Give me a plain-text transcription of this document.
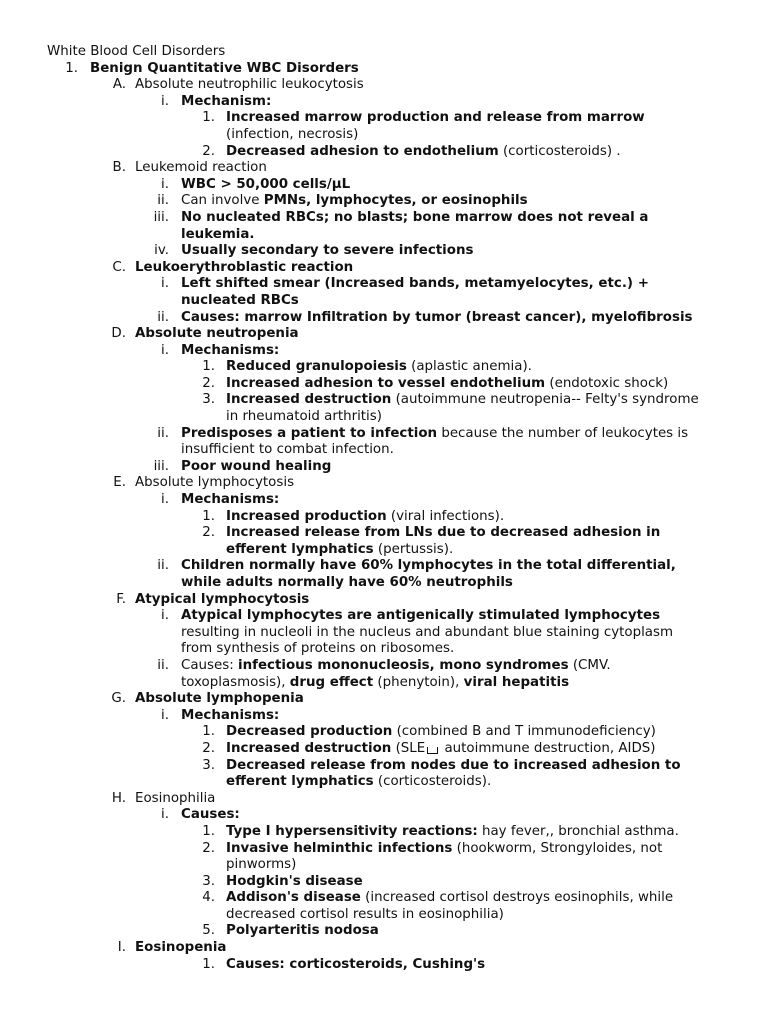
White Blood Cell Disorders
1. Benign Quantitative WBC Disorders
A. Absolute neutrophilic leukocytosis
i. Mechanism:
1. Increased marrow production and release from marrow
(infection, necrosis)
2. Decreased adhesion to endothelium (corticosteroids) .
B. Leukemoid reaction
i. WBC > 50,000 cells/μL
ii. Can involve PMNs, lymphocytes, or eosinophils
iii. No nucleated RBCs; no blasts; bone marrow does not reveal a
leukemia.
iv. Usually secondary to severe infections
C. Leukoerythroblastic reaction
i. Left shifted smear (Increased bands, metamyelocytes, etc.) +
nucleated RBCs
ii. Causes: marrow Infiltration by tumor (breast cancer), myelofibrosis
D. Absolute neutropenia
i. Mechanisms:
1. Reduced granulopoiesis (aplastic anemia).
2. Increased adhesion to vessel endothelium (endotoxic shock)
3. Increased destruction (autoimmune neutropenia-- Felty's syndrome
in rheumatoid arthritis)
ii. Predisposes a patient to infection because the number of leukocytes is
insufficient to combat infection.
iii. Poor wound healing
E. Absolute lymphocytosis
i. Mechanisms:
1. Increased production (viral infections).
2. Increased release from LNs due to decreased adhesion in
efferent lymphatics (pertussis).
ii. Children normally have 60% lymphocytes in the total differential,
while adults normally have 60% neutrophils
F. Atypical lymphocytosis
i. Atypical lymphocytes are antigenically stimulated lymphocytes
resulting in nucleoli in the nucleus and abundant blue staining cytoplasm
from synthesis of proteins on ribosomes.
ii. Causes: infectious mononucleosis, mono syndromes (CMV.
toxoplasmosis), drug effect (phenytoin), viral hepatitis
G. Absolute lymphopenia
i. Mechanisms:
1. Decreased production (combined B and T immunodeficiency)
2. Increased destruction (SLE autoimmune destruction, AIDS)
3. Decreased release from nodes due to increased adhesion to
efferent lymphatics (corticosteroids).
H. Eosinophilia
i. Causes:
1. Type I hypersensitivity reactions: hay fever,, bronchial asthma.
2. Invasive helminthic infections (hookworm, Strongyloides, not
pinworms)
3. Hodgkin's disease
4. Addison's disease (increased cortisol destroys eosinophils, while
decreased cortisol results in eosinophilia)
5. Polyarteritis nodosa
I. Eosinopenia
1. Causes: corticosteroids, Cushing's
